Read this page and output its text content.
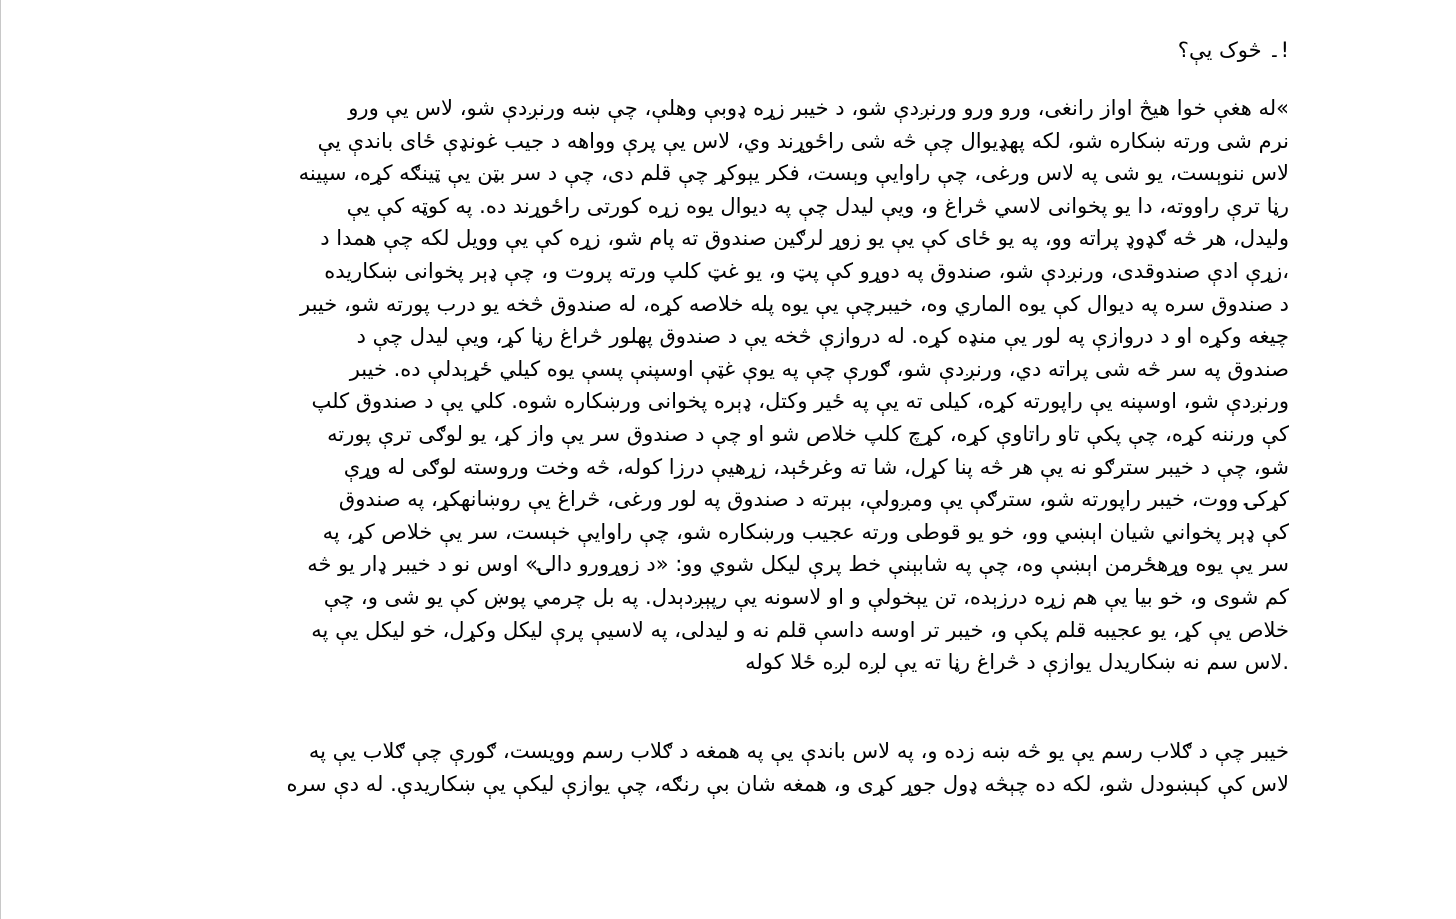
!۔ څوک يې؟
»له هغې خوا هيڅ اواز رانغی، ورو ورو ورنږدې شو، د خيبر زړه ډوبې وهلې، چې ښه ورنږدې شو، لاس يې ورو
نرم شی ورته ښکاره شو، لکه پهډيوال چې څه شی راځوړند وي، لاس يې پرې وواهه د جيب غونډې ځای باندې يې
لاس ننوېست، يو شی په لاس ورغی، چې راوايې وېست، فکر يېوکړ چې قلم دی، چې د سر بټن يې ټينګه کړه، سپينه
رڼا ترې راووته، دا يو پخوانی لاسي څراغ و، ويې ليدل چې په ديوال يوه زړه کورتی راځوړند ده. په کوټه کې يې
وليدل، هر څه ګډوډ پراته وو، په يو ځای کې يې يو زوړ لرګين صندوق ته پام شو، زړه کې يې وويل لکه چې همدا د
،زړې ادې صندوقدی، ورنږدې شو، صندوق په دوړو کې پټ و، يو غټ کلپ ورته پروت و، چې ډېر پخوانی ښکاريده
د صندوق سره په ديوال کې يوه الماري وه، خيبرچې يې يوه پله خلاصه کړه، له صندوق څخه يو درب پورته شو، خيبر
چيغه وکړه او د دروازې په لور يې منډه کړه. له دروازې څخه يې د صندوق پهلور څراغ رڼا کړ، ويې ليدل چې د
صندوق په سر څه شی پراته دي، ورنږدې شو، ګورې چې په يوې غټې اوسپنې پسې يوه کيلي ځړېدلې ده. خيبر
ورنږدې شو، اوسپنه يې راپورته کړه، کيلی ته يې په ځير وکتل، ډېره پخوانی ورښکاره شوه. کلي يې د صندوق کلپ
کې ورننه کړه، چې پکې تاو راتاوې کړه، کړچ کلپ خلاص شو او چې د صندوق سر يې واز کړ، يو لوګی ترې پورته
شو، چې د خيبر سترګو نه يې هر څه پنا کړل، شا ته وغرځېد، زړهيې درزا کوله، څه وخت وروسته لوګی له وړې
کړکۍ ووت، خيبر راپورته شو، سترګې يې ومږولې، بېرته د صندوق په لور ورغی، څراغ يې روښانهکړ، په صندوق
کې ډېر پخواني شيان اېښي وو، خو يو قوطی ورته عجيب ورښکاره شو، چې راوايې خېست، سر يې خلاص کړ، په
سر يې يوه وړهځرمن اېښې وه، چې په شابېنې خط پرې ليکل شوي وو: «د زوړورو دالۍ» اوس نو د خيبر ډار يو څه
کم شوی و، خو بيا يې هم زړه درزېده، تن يېخولې و او لاسونه يې رپېږدېدل. په بل چرمي پوښ کې يو شی و، چې
خلاص يې کړ، يو عجيبه قلم پکې و، خيبر تر اوسه داسې قلم نه و ليدلی، په لاسيې پرې ليکل وکړل، خو ليکل يې په
.لاس سم نه ښکاريدل يوازې د څراغ رڼا ته يې لږه لږه ځلا کوله
خيبر چې د ګلاب رسم يې يو څه ښه زده و، په لاس باندې يې په همغه د ګلاب رسم وويست، ګورې چې ګلاب يې په
لاس کې کېښودل شو، لکه ده چېڅه ډول جوړ کړی و، همغه شان بې رنګه، چې يوازې ليکې يې ښکاريدې. له دې سره
